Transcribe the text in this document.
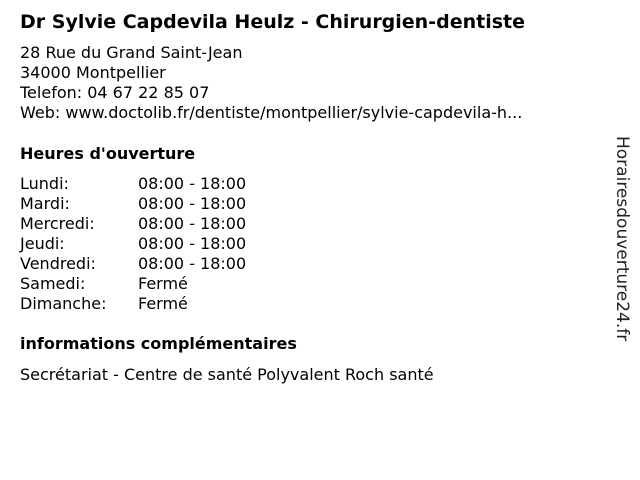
Dr Sylvie Capdevila Heulz - Chirurgien-dentiste
28 Rue du Grand Saint-Jean
34000 Montpellier
Telefon: 04 67 22 85 07
Web: www.doctolib.fr/dentiste/montpellier/sylvie-capdevila-h...
Heures d'ouverture
Lundi:	08:00 - 18:00
Mardi:	08:00 - 18:00
Mercredi:	08:00 - 18:00
Jeudi:	08:00 - 18:00
Vendredi:	08:00 - 18:00
Samedi:	Fermé
Dimanche:	Fermé
informations complémentaires
Secrétariat - Centre de santé Polyvalent Roch santé
Horairesdouverture24.fr
